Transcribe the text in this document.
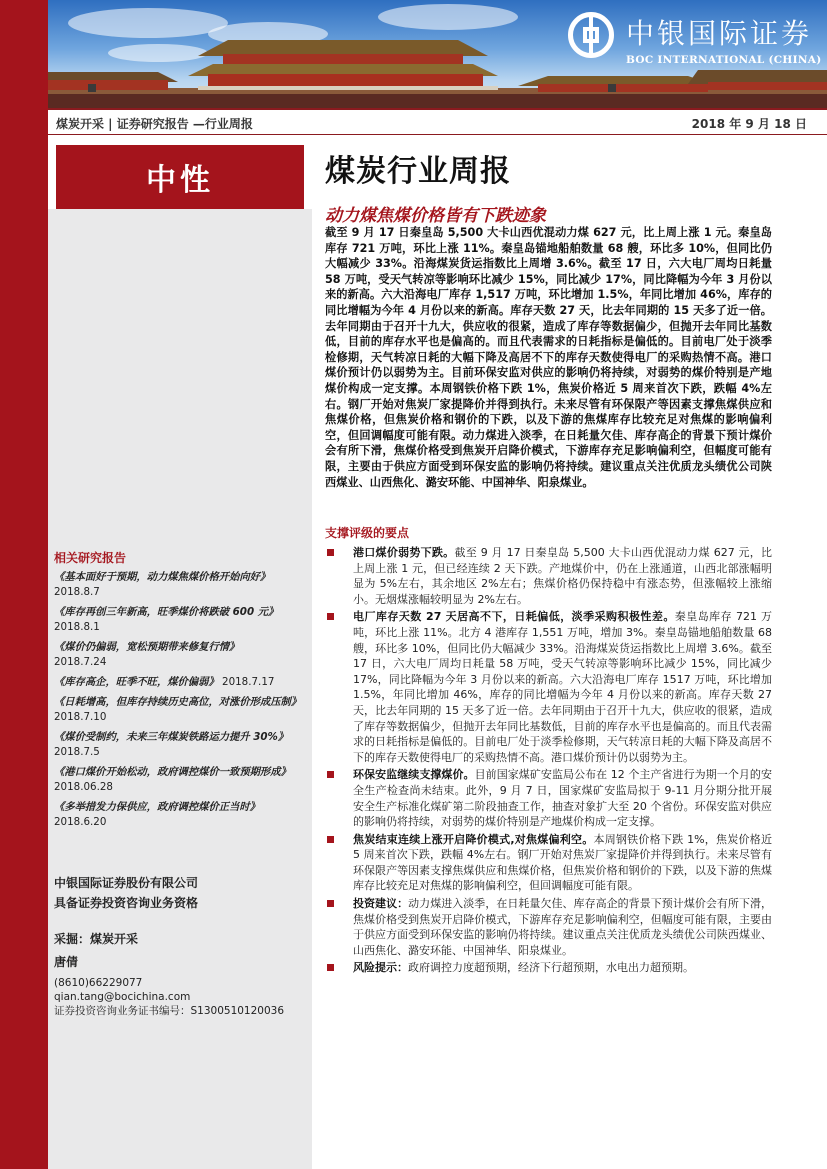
中银国际证券
BOC INTERNATIONAL (CHINA)
煤炭开采 | 证券研究报告 —行业周报	2018 年 9 月 18 日
中性	煤炭行业周报
动力煤焦煤价格皆有下跌迹象
截至 9 月 17 日秦皇岛 5,500 大卡山西优混动力煤 627 元，比上周上涨 1 元。秦皇岛库存 721 万吨，环比上涨 11%。秦皇岛锚地船舶数量 68 艘，环比多 10%，但同比仍大幅减少 33%。沿海煤炭货运指数比上周增 3.6%。截至 17 日，六大电厂周均日耗量 58 万吨，受天气转凉等影响环比减少 15%，同比减少 17%，同比降幅为今年 3 月份以来的新高。六大沿海电厂库存 1,517 万吨，环比增加 1.5%，年同比增加 46%，库存的同比增幅为今年 4 月份以来的新高。库存天数 27 天，比去年同期的 15 天多了近一倍。去年同期由于召开十九大，供应收的很紧，造成了库存等数据偏少，但抛开去年同比基数低，目前的库存水平也是偏高的。而且代表需求的日耗指标是偏低的。目前电厂处于淡季检修期，天气转凉日耗的大幅下降及高居不下的库存天数使得电厂的采购热情不高。港口煤价预计仍以弱势为主。目前环保安监对供应的影响仍将持续，对弱势的煤价特别是产地煤价构成一定支撑。本周钢铁价格下跌 1%，焦炭价格近 5 周来首次下跌，跌幅 4%左右。钢厂开始对焦炭厂家提降价并得到执行。未来尽管有环保限产等因素支撑焦煤供应和焦煤价格，但焦炭价格和钢价的下跌，以及下游的焦煤库存比较充足对焦煤的影响偏利空，但回调幅度可能有限。动力煤进入淡季，在日耗量欠佳、库存高企的背景下预计煤价会有所下滑，焦煤价格受到焦炭开启降价模式，下游库存充足影响偏利空，但幅度可能有限，主要由于供应方面受到环保安监的影响仍将持续。建议重点关注优质龙头绩优公司陕西煤业、山西焦化、潞安环能、中国神华、阳泉煤业。
支撑评级的要点
港口煤价弱势下跌。截至 9 月 17 日秦皇岛 5,500 大卡山西优混动力煤 627 元，比上周上涨 1 元，但已经连续 2 天下跌。产地煤价中，仍在上涨通道，山西北部涨幅明显为 5%左右，其余地区 2%左右；焦煤价格仍保持稳中有涨态势，但涨幅较上涨缩小。无烟煤涨幅较明显为 2%左右。
电厂库存天数 27 天居高不下，日耗偏低，淡季采购积极性差。秦皇岛库存 721 万吨，环比上涨 11%。北方 4 港库存 1,551 万吨，增加 3%。秦皇岛锚地船舶数量 68 艘，环比多 10%，但同比仍大幅减少 33%。沿海煤炭货运指数比上周增 3.6%。截至 17 日，六大电厂周均日耗量 58 万吨，受天气转凉等影响环比减少 15%，同比减少 17%，同比降幅为今年 3 月份以来的新高。六大沿海电厂库存 1517 万吨，环比增加 1.5%，年同比增加 46%，库存的同比增幅为今年 4 月份以来的新高。库存天数 27 天，比去年同期的 15 天多了近一倍。去年同期由于召开十九大，供应收的很紧，造成了库存等数据偏少，但抛开去年同比基数低，目前的库存水平也是偏高的。而且代表需求的日耗指标是偏低的。目前电厂处于淡季检修期，天气转凉日耗的大幅下降及高居不下的库存天数使得电厂的采购热情不高。港口煤价预计仍以弱势为主。
环保安监继续支撑煤价。目前国家煤矿安监局公布在 12 个主产省进行为期一个月的安全生产检查尚未结束。此外，9 月 7 日，国家煤矿安监局拟于 9-11 月分期分批开展安全生产标准化煤矿第二阶段抽查工作，抽查对象扩大至 20 个省份。环保安监对供应的影响仍将持续，对弱势的煤价特别是产地煤价构成一定支撑。
焦炭结束连续上涨开启降价模式,对焦煤偏利空。本周钢铁价格下跌 1%，焦炭价格近 5 周来首次下跌，跌幅 4%左右。钢厂开始对焦炭厂家提降价并得到执行。未来尽管有环保限产等因素支撑焦煤供应和焦煤价格，但焦炭价格和钢价的下跌，以及下游的焦煤库存比较充足对焦煤的影响偏利空，但回调幅度可能有限。
投资建议：动力煤进入淡季，在日耗量欠佳、库存高企的背景下预计煤价会有所下滑，焦煤价格受到焦炭开启降价模式，下游库存充足影响偏利空，但幅度可能有限，主要由于供应方面受到环保安监的影响仍将持续。建议重点关注优质龙头绩优公司陕西煤业、山西焦化、潞安环能、中国神华、阳泉煤业。
风险提示：政府调控力度超预期，经济下行超预期，水电出力超预期。
相关研究报告
《基本面好于预期，动力煤焦煤价格开始向好》
2018.8.7
《库存再创三年新高，旺季煤价将跌破 600 元》
2018.8.1
《煤价仍偏弱，宽松预期带来修复行情》
2018.7.24
《库存高企，旺季不旺，煤价偏弱》 2018.7.17
《日耗增高，但库存持续历史高位，对涨价形成压制》 2018.7.10
《煤价受制约，未来三年煤炭铁路运力提升 30%》
2018.7.5
《港口煤价开始松动，政府调控煤价一致预期形成》 2018.06.28
《多举措发力保供应，政府调控煤价正当时》
2018.6.20
中银国际证券股份有限公司
具备证券投资咨询业务资格
采掘：煤炭开采
唐倩
(8610)66229077
qian.tang@bocichina.com
证券投资咨询业务证书编号：S1300510120036
